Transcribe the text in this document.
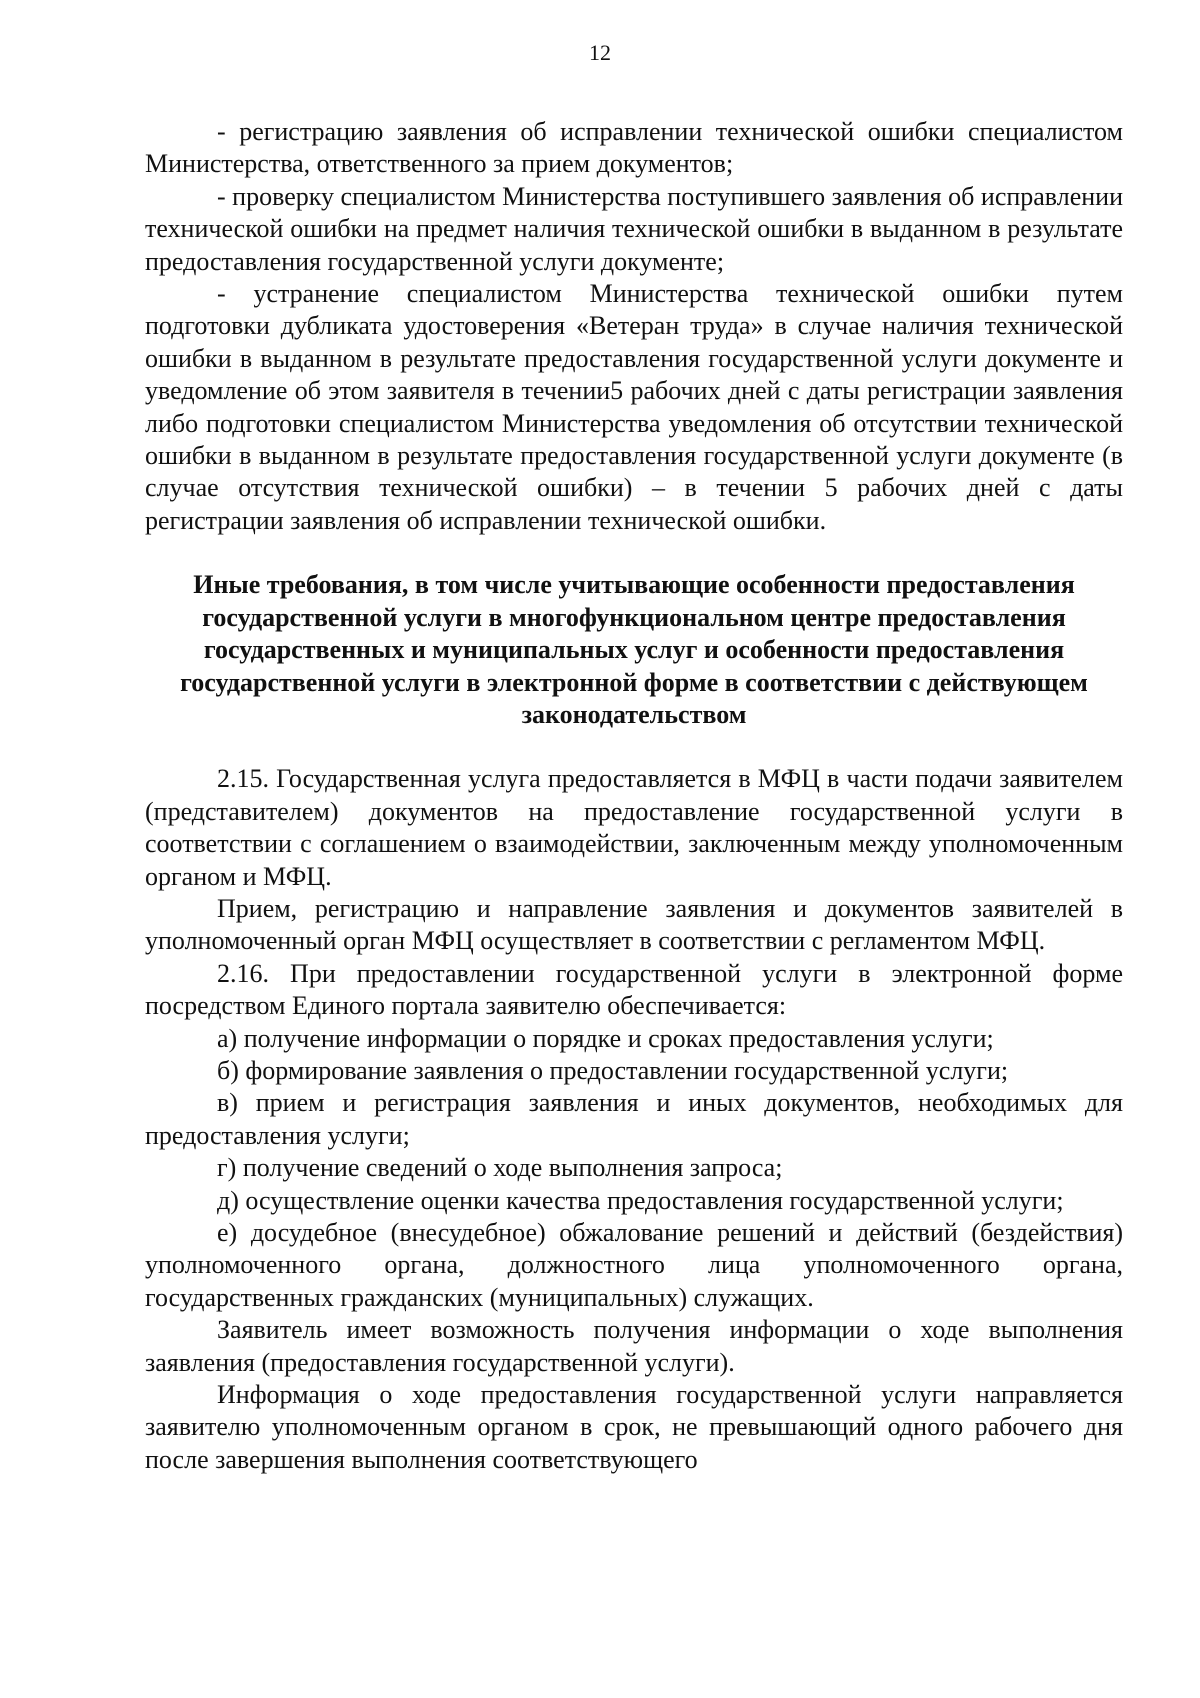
12

- регистрацию заявления об исправлении технической ошибки специалистом Министерства, ответственного за прием документов;

- проверку специалистом Министерства поступившего заявления об исправлении технической ошибки на предмет наличия технической ошибки в выданном в результате предоставления государственной услуги документе;

- устранение специалистом Министерства технической ошибки путем подготовки дубликата удостоверения «Ветеран труда» в случае наличия технической ошибки в выданном в результате предоставления государственной услуги документе и уведомление об этом заявителя в течении5 рабочих дней с даты регистрации заявления либо подготовки специалистом Министерства уведомления об отсутствии технической ошибки в выданном в результате предоставления государственной услуги документе (в случае отсутствия технической ошибки) – в течении 5 рабочих дней с даты регистрации заявления об исправлении технической ошибки.

Иные требования, в том числе учитывающие особенности предоставления государственной услуги в многофункциональном центре предоставления государственных и муниципальных услуг и особенности предоставления государственной услуги в электронной форме в соответствии с действующем законодательством

2.15. Государственная услуга предоставляется в МФЦ в части подачи заявителем (представителем) документов на предоставление государственной услуги в соответствии с соглашением о взаимодействии, заключенным между уполномоченным органом и МФЦ.

Прием, регистрацию и направление заявления и документов заявителей в уполномоченный орган МФЦ осуществляет в соответствии с регламентом МФЦ.

2.16. При предоставлении государственной услуги в электронной форме посредством Единого портала заявителю обеспечивается:

а) получение информации о порядке и сроках предоставления услуги;

б) формирование заявления о предоставлении государственной услуги;

в) прием и регистрация заявления и иных документов, необходимых для предоставления услуги;

г) получение сведений о ходе выполнения запроса;

д) осуществление оценки качества предоставления государственной услуги;

е) досудебное (внесудебное) обжалование решений и действий (бездействия) уполномоченного органа, должностного лица уполномоченного органа, государственных гражданских (муниципальных) служащих.

Заявитель имеет возможность получения информации о ходе выполнения заявления (предоставления государственной услуги).

Информация о ходе предоставления государственной услуги направляется заявителю уполномоченным органом в срок, не превышающий одного рабочего дня после завершения выполнения соответствующего
